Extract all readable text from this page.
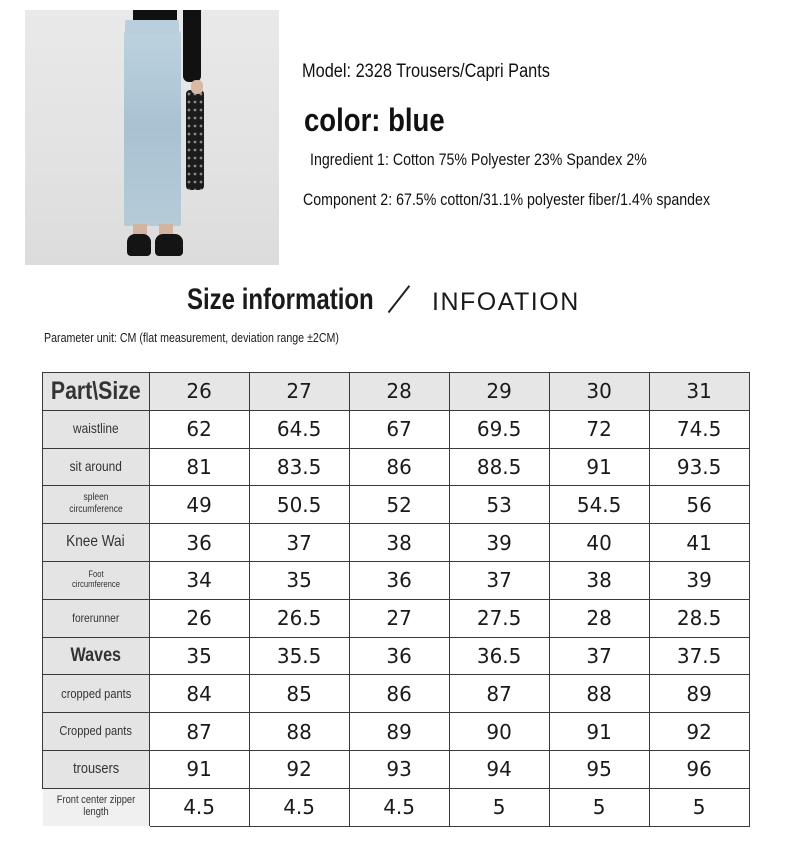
Model: 2328 Trousers/Capri Pants
color: blue
Ingredient 1: Cotton 75% Polyester 23% Spandex 2%
Component 2: 67.5% cotton/31.1% polyester fiber/1.4% spandex
Size information INFOATION
Parameter unit: CM (flat measurement, deviation range ±2CM)
Part\Size	26	27	28	29	30	31
waistline	62	64.5	67	69.5	72	74.5
sit around	81	83.5	86	88.5	91	93.5
spleen circumference	49	50.5	52	53	54.5	56
Knee Wai	36	37	38	39	40	41
Foot circumference	34	35	36	37	38	39
forerunner	26	26.5	27	27.5	28	28.5
Waves	35	35.5	36	36.5	37	37.5
cropped pants	84	85	86	87	88	89
Cropped pants	87	88	89	90	91	92
trousers	91	92	93	94	95	96
Front center zipper length	4.5	4.5	4.5	5	5	5
